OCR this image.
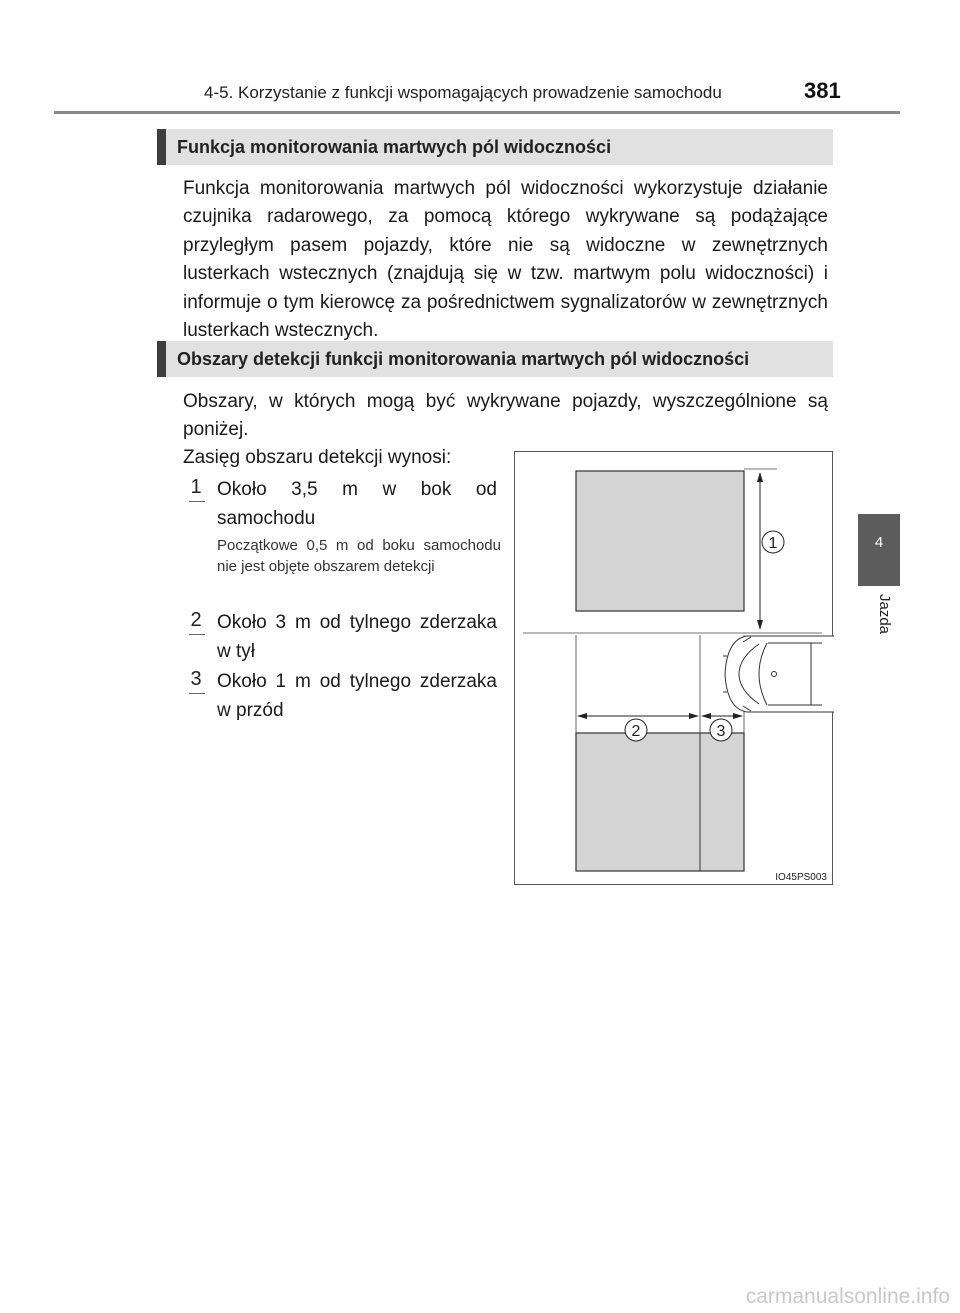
4-5. Korzystanie z funkcji wspomagających prowadzenie samochodu	381
Funkcja monitorowania martwych pól widoczności
Funkcja monitorowania martwych pól widoczności wykorzystuje działanie czujnika radarowego, za pomocą którego wykrywane są podążające przyległym pasem pojazdy, które nie są widoczne w zewnętrznych lusterkach wstecznych (znajdują się w tzw. martwym polu widoczności) i informuje o tym kierowcę za pośrednictwem sygnalizatorów w zewnętrznych lusterkach wstecznych.
Obszary detekcji funkcji monitorowania martwych pól widoczności
Obszary, w których mogą być wykrywane pojazdy, wyszczególnione są poniżej.
Zasięg obszaru detekcji wynosi:
1 Około 3,5 m w bok od samochodu
Początkowe 0,5 m od boku samochodu nie jest objęte obszarem detekcji
2 Około 3 m od tylnego zderzaka w tył
3 Około 1 m od tylnego zderzaka w przód
1
2	3
IO45PS003
4
Jazda
carmanualsonline.info
